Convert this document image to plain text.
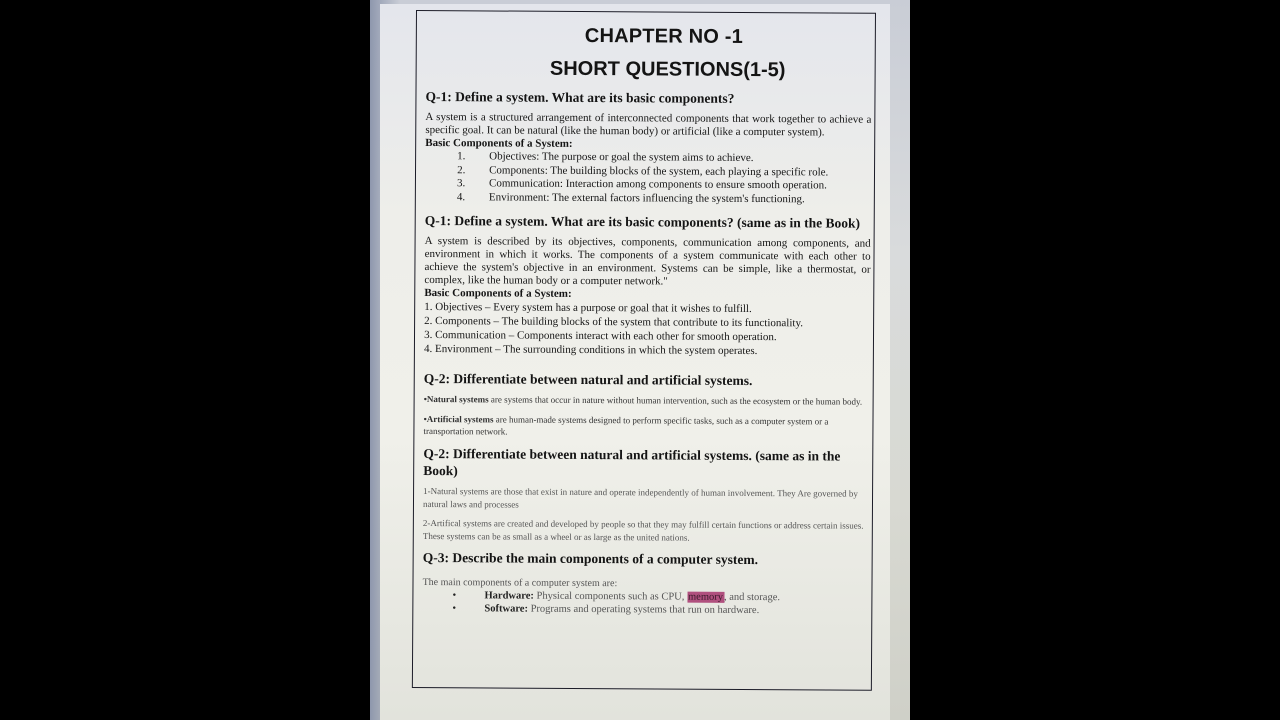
CHAPTER NO -1
SHORT QUESTIONS(1-5)
Q-1: Define a system. What are its basic components?

A system is a structured arrangement of interconnected components that work together to achieve a specific goal. It can be natural (like the human body) or artificial (like a computer system).

Basic Components of a System:

1.	Objectives: The purpose or goal the system aims to achieve.
2.	Components: The building blocks of the system, each playing a specific role.
3.	Communication: Interaction among components to ensure smooth operation.
4.	Environment: The external factors influencing the system's functioning.
Q-1: Define a system. What are its basic components? (same as in the Book)

A system is described by its objectives, components, communication among components, and environment in which it works. The components of a system communicate with each other to achieve the system's objective in an environment. Systems can be simple, like a thermostat, or complex, like the human body or a computer network."

Basic Components of a System:

1. Objectives – Every system has a purpose or goal that it wishes to fulfill.
2. Components – The building blocks of the system that contribute to its functionality.
3. Communication – Components interact with each other for smooth operation.
4. Environment – The surrounding conditions in which the system operates.
Q-2: Differentiate between natural and artificial systems.

•Natural systems are systems that occur in nature without human intervention, such as the ecosystem or the human body.

•Artificial systems are human-made systems designed to perform specific tasks, such as a computer system or a transportation network.

Q-2: Differentiate between natural and artificial systems. (same as in the Book)

1-Natural systems are those that exist in nature and operate independently of human involvement. They Are governed by natural laws and processes

2-Artifical systems are created and developed by people so that they may fulfill certain functions or address certain issues. These systems can be as small as a wheel or as large as the united nations.

Q-3: Describe the main components of a computer system.

The main components of a computer system are:

•	Hardware: Physical components such as CPU, memory, and storage.
•	Software: Programs and operating systems that run on hardware.
